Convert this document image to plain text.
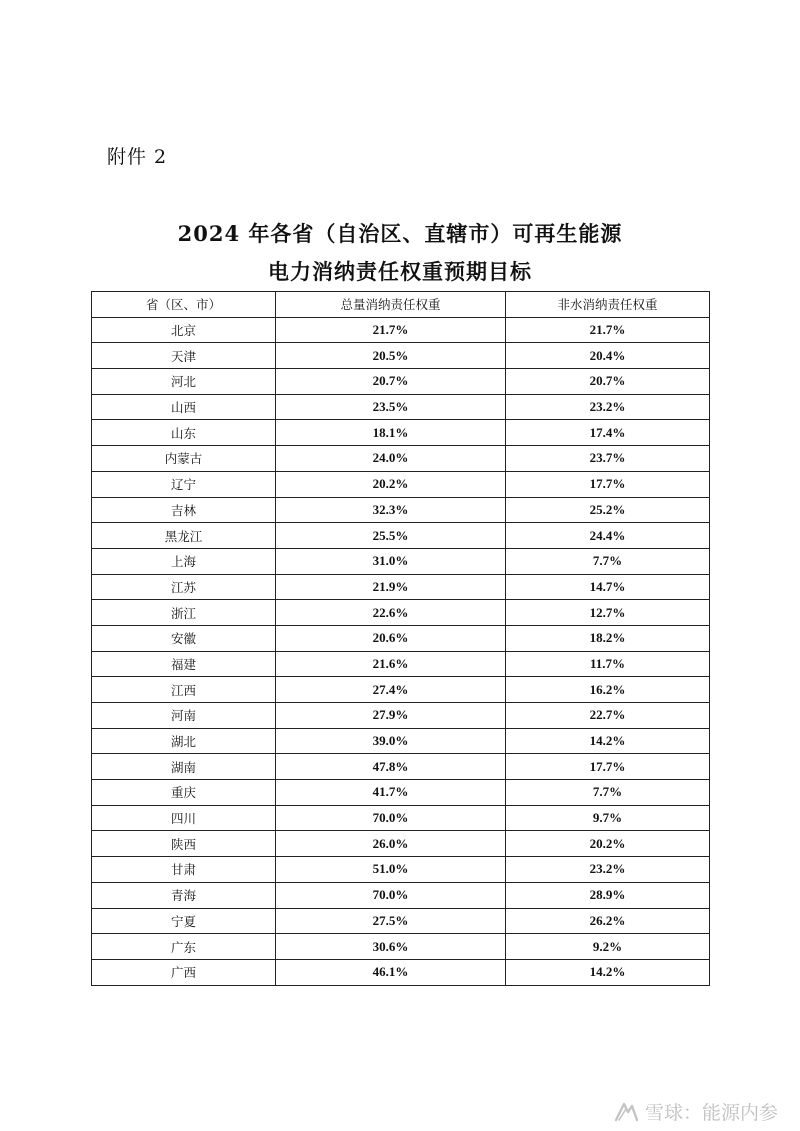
附件 2
2024 年各省（自治区、直辖市）可再生能源
电力消纳责任权重预期目标
省（区、市）	总量消纳责任权重	非水消纳责任权重
北京	21.7%	21.7%
天津	20.5%	20.4%
河北	20.7%	20.7%
山西	23.5%	23.2%
山东	18.1%	17.4%
内蒙古	24.0%	23.7%
辽宁	20.2%	17.7%
吉林	32.3%	25.2%
黑龙江	25.5%	24.4%
上海	31.0%	7.7%
江苏	21.9%	14.7%
浙江	22.6%	12.7%
安徽	20.6%	18.2%
福建	21.6%	11.7%
江西	27.4%	16.2%
河南	27.9%	22.7%
湖北	39.0%	14.2%
湖南	47.8%	17.7%
重庆	41.7%	7.7%
四川	70.0%	9.7%
陕西	26.0%	20.2%
甘肃	51.0%	23.2%
青海	70.0%	28.9%
宁夏	27.5%	26.2%
广东	30.6%	9.2%
广西	46.1%	14.2%
雪球：能源内参
